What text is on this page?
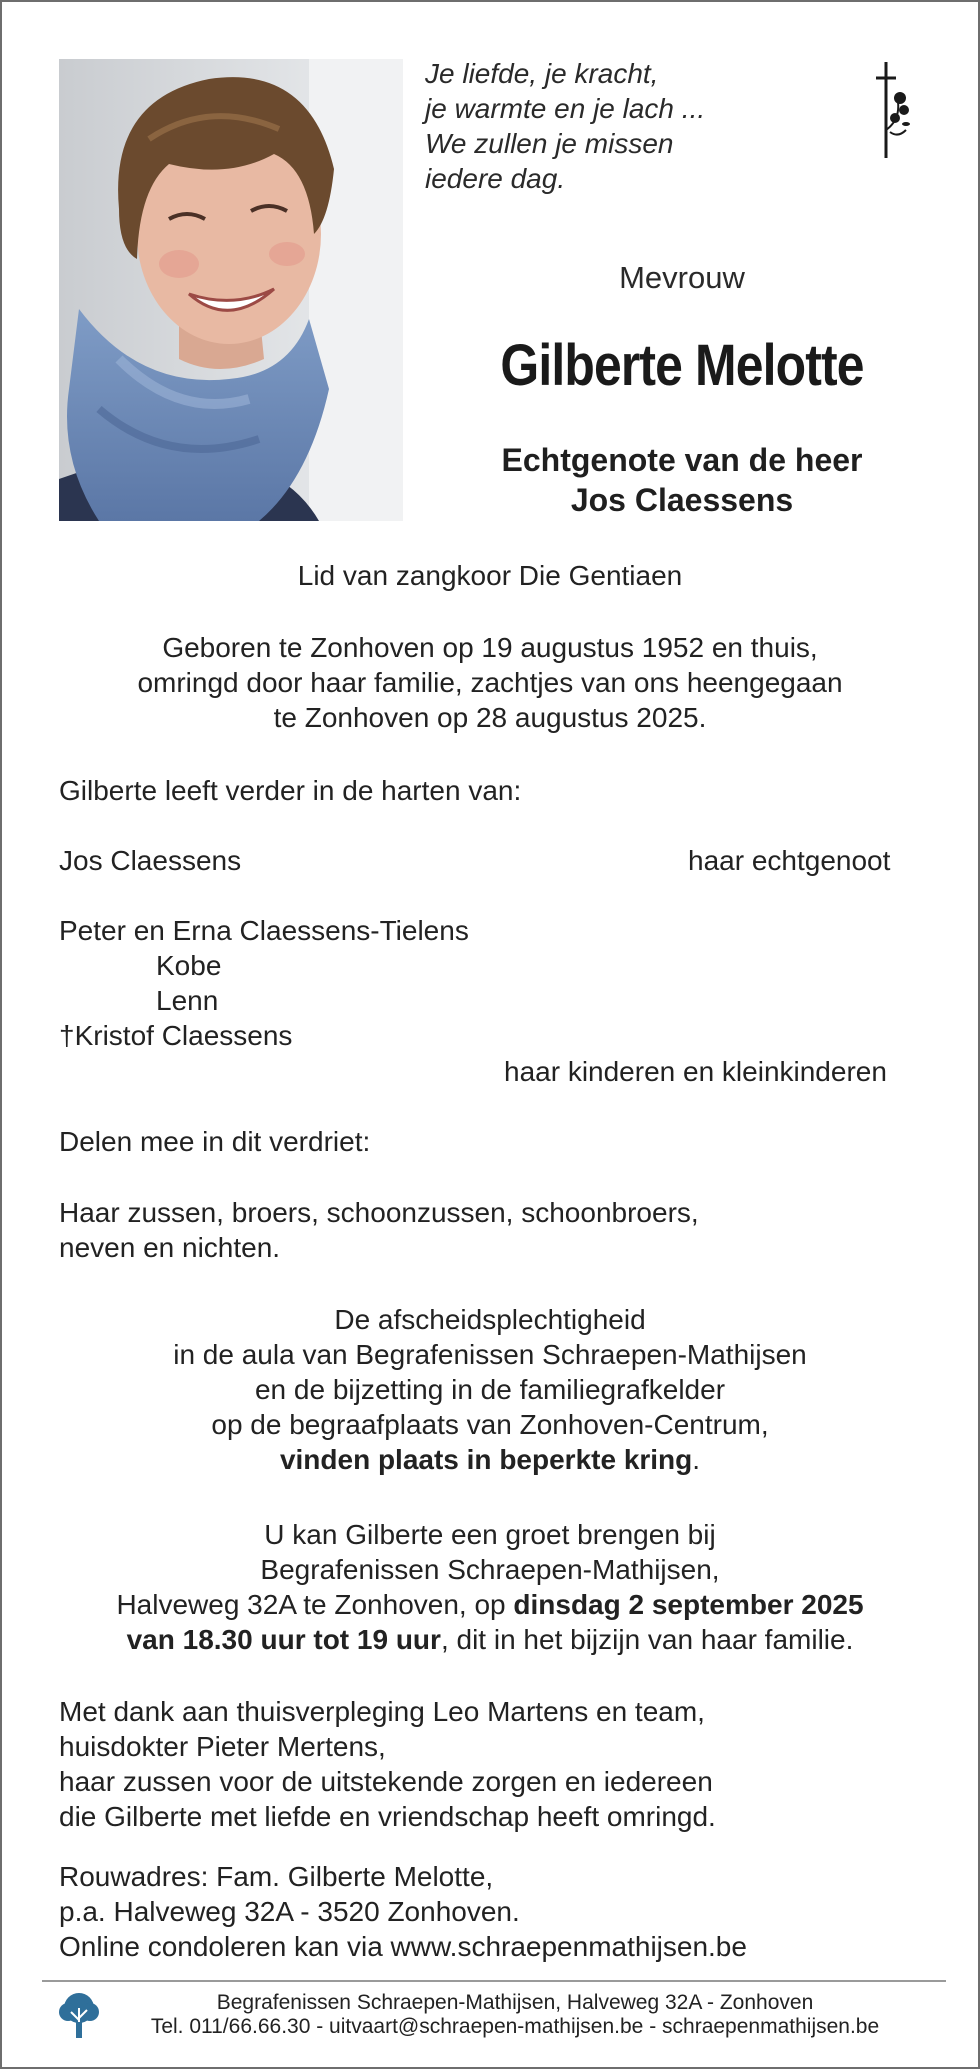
Je liefde, je kracht,
je warmte en je lach ...
We zullen je missen
iedere dag.
Mevrouw
Gilberte Melotte
Echtgenote van de heer
Jos Claessens
Lid van zangkoor Die Gentiaen
Geboren te Zonhoven op 19 augustus 1952 en thuis,
omringd door haar familie, zachtjes van ons heengegaan
te Zonhoven op 28 augustus 2025.
Gilberte leeft verder in de harten van:
Jos Claessens	haar echtgenoot
Peter en Erna Claessens-Tielens
Kobe
Lenn
†Kristof Claessens
haar kinderen en kleinkinderen
Delen mee in dit verdriet:
Haar zussen, broers, schoonzussen, schoonbroers,
neven en nichten.
De afscheidsplechtigheid
in de aula van Begrafenissen Schraepen-Mathijsen
en de bijzetting in de familiegrafkelder
op de begraafplaats van Zonhoven-Centrum,
vinden plaats in beperkte kring.
U kan Gilberte een groet brengen bij
Begrafenissen Schraepen-Mathijsen,
Halveweg 32A te Zonhoven, op dinsdag 2 september 2025
van 18.30 uur tot 19 uur, dit in het bijzijn van haar familie.
Met dank aan thuisverpleging Leo Martens en team,
huisdokter Pieter Mertens,
haar zussen voor de uitstekende zorgen en iedereen
die Gilberte met liefde en vriendschap heeft omringd.
Rouwadres: Fam. Gilberte Melotte,
p.a. Halveweg 32A - 3520 Zonhoven.
Online condoleren kan via www.schraepenmathijsen.be
Begrafenissen Schraepen-Mathijsen, Halveweg 32A - Zonhoven
Tel. 011/66.66.30 - uitvaart@schraepen-mathijsen.be - schraepenmathijsen.be
